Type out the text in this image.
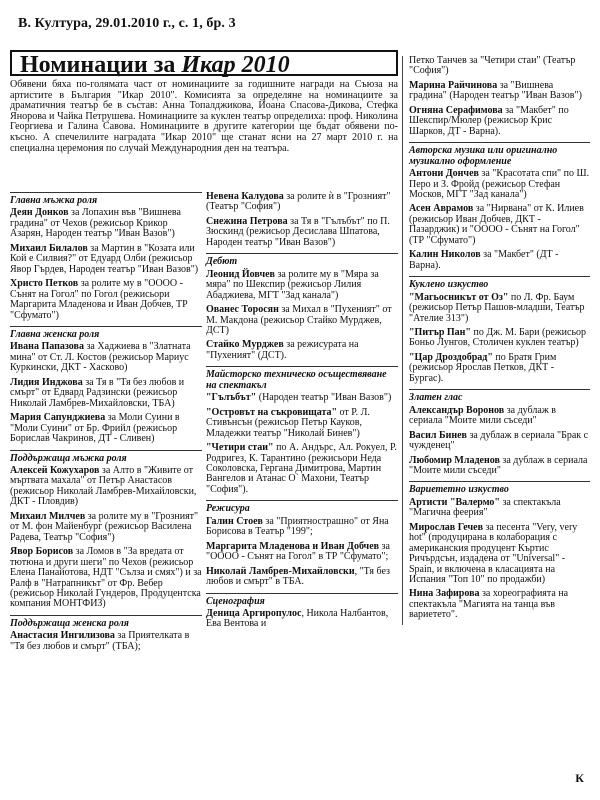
В. Култура, 29.01.2010 г., с. 1, бр. 3
Номинации за Икар 2010
Обявени бяха по-голямата част от номинациите за годишните награди на Съюза на артистите в България "Икар 2010". Комисията за определяне на номинациите за драматичния театър бе в състав: Анна Топалджикова, Йоана Спасова-Дикова, Стефка Янорова и Чайка Петрушева. Номинациите за куклен театър определиха: проф. Николина Георгиева и Галина Савова. Номинациите в другите категории ще бъдат обявени по-късно. А спечелилите наградата "Икар 2010" ще станат ясни на 27 март 2010 г. на специална церемония по случай Международния ден на театъра.
Главна мъжка роля
Деян Донков за Лопахин във "Вишнева градина" от Чехов (режисьор Крикор Азарян, Народен театър "Иван Вазов")
Михаил Билалов за Мартин в "Козата или Кой е Силвия?" от Едуард Олби (режисьор Явор Гърдев, Народен театър "Иван Вазов")
Христо Петков за ролите му в "ОООО - Сънят на Гогол" по Гогол (режисьори Маргарита Младенова и Иван Добчев, ТР "Сфумато")
Главна женска роля
Ивана Папазова за Хаджиева в "Златната мина" от Ст. Л. Костов (режисьор Мариус Куркински, ДКТ - Хасково)
Лидия Инджова за Тя в "Тя без любов и смърт" от Едвард Радзински (режисьор Николай Ламбрев-Михайловски, ТБА)
Мария Сапунджиева за Моли Суини в "Моли Суини" от Бр. Фрийл (режисьор Борислав Чакринов, ДТ - Сливен)
Поддържаща мъжка роля
Алексей Кожухаров за Алто в "Живите от мъртвата махала" от Петър Анастасов (режисьор Николай Ламбрев-Михайловски, ДКТ - Пловдив)
Михаил Милчев за ролите му в "Грозният" от М. фон Майенбург (режисьор Василена Радева, Театър "София")
Явор Борисов за Ломов в "За вредата от тютюна и други шеги" по Чехов (режисьор Елена Панайотова, НДТ "Сълза и смях") и за Ралф в "Натрапникът" от Фр. Вебер (режисьор Николай Гундеров, Продуцентска компания МОНТФИЗ)
Поддържаща женска роля
Анастасия Ингилизова за Приятелката в "Тя без любов и смърт" (ТБА);
Невена Калудова за ролите ѝ в "Грозният" (Театър "София")
Снежина Петрова за Тя в "Гълъбът" по П. Зюскинд (режисьор Десислава Шпатова, Народен театър "Иван Вазов")
Дебют
Леонид Йовчев за ролите му в "Мяра за мяра" по Шекспир (режисьор Лилия Абаджиева, МГТ "Зад канала")
Ованес Торосян за Михал в "Пухеният" от М. Макдона (режисьор Стайко Мурджев, ДСТ)
Стайко Мурджев за режисурата на "Пухеният" (ДСТ).
Майсторско техническо осъществяване на спектакъл
"Гълъбът" (Народен театър "Иван Вазов")
"Островът на съкровищата" от Р. Л. Стивънсън (режисьор Петър Кауков, Младежки театър "Николай Бинев")
"Четири стаи" по А. Андърс, Ал. Рокуел, Р. Родригез, К. Тарантино (режисьори Неда Соколовска, Гергана Димитрова, Мартин Вангелов и Атанас О` Махони, Театър "София").
Режисура
Галин Стоев за "Приятнострашно" от Яна Борисова в Театър "199";
Маргарита Младенова и Иван Добчев за "ОООО - Сънят на Гогол" в ТР "Сфумато";
Николай Ламбрев-Михайловски, "Тя без любов и смърт" в ТБА.
Сценография
Деница Аргиропулос, Никола Налбантов, Ева Вентова и
Петко Танчев за "Четири стаи" (Театър "София")
Марина Райчинова за "Вишнева градина" (Народен театър "Иван Вазов")
Огняна Серафимова за "Макбет" по Шекспир/Мюлер (режисьор Крис Шарков, ДТ - Варна).
Авторска музика или оригинално музикално оформление
Антони Дончев за "Красотата спи" по Ш. Перо и З. Фройд (режисьор Стефан Москов, МГТ "Зад канала")
Асен Аврамов за "Нирвана" от К. Илиев (режисьор Иван Добчев, ДКТ - Пазарджик) и "ОООО - Сънят на Гогол" (ТР "Сфумато")
Калин Николов за "Макбет" (ДТ - Варна).
Куклено изкуство
"Магьосникът от Оз" по Л. Фр. Баум (режисьор Петър Пашов-младши, Театър "Ателие 313")
"Питър Пан" по Дж. М. Бари (режисьор Боньо Лунгов, Столичен куклен театър)
"Цар Дроздобрад" по Братя Грим (режисьор Ярослав Петков, ДКТ - Бургас).
Златен глас
Александър Воронов за дублаж в сериала "Моите мили съседи"
Васил Бинев за дублаж в сериала "Брак с чужденец"
Любомир Младенов за дублаж в сериала "Моите мили съседи"
Вариететно изкуство
Артисти "Валермо" за спектакъла "Магична феерия"
Мирослав Гечев за песента "Very, very hot" (продуцирана в колаборация с американския продуцент Къртис Ричърдсън, издадена от "Universal" - Spain, и включена в класацията на Испания "Топ 10" по продажби)
Нина Зафирова за хореографията на спектакъла "Магията на танца във вариетето".
К
